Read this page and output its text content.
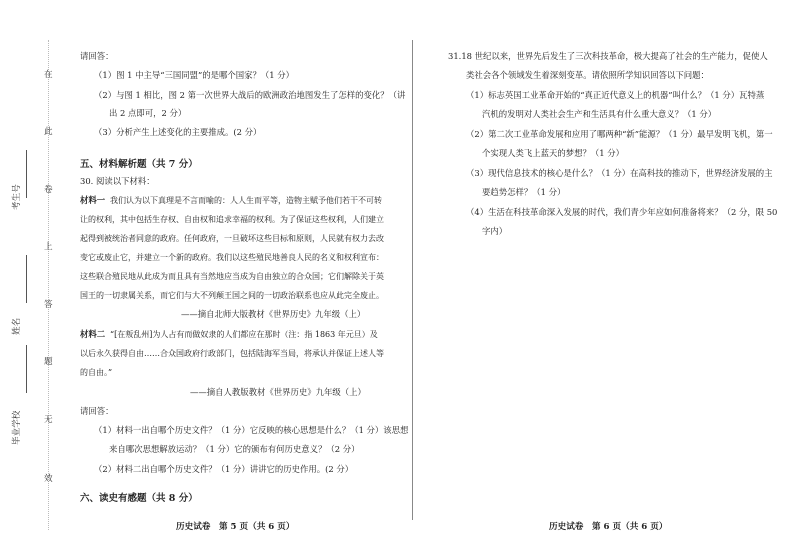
在
此
卷
上
答
题
无
效
考生号
姓名
毕业学校
请回答：
（1）图 1 中主导“三国同盟”的是哪个国家？（1 分）
（2）与图 1 相比，图 2 第一次世界大战后的欧洲政治地图发生了怎样的变化？（讲
出 2 点即可，2 分）
（3）分析产生上述变化的主要推成。(2 分）
五、材料解析题（共 7 分）
30. 阅读以下材料：
材料一 我们认为以下真理是不言而喻的：人人生而平等，造物主赋予他们若干不可转
让的权利，其中包括生存权、自由权和追求幸福的权利。为了保证这些权利，人们建立
起得到被统治者同意的政府。任何政府，一旦破坏这些目标和原则，人民就有权力去改
变它或废止它，并建立一个新的政府。我们以这些殖民地善良人民的名义和权利宣布：
这些联合殖民地从此成为而且具有当然地应当成为自由独立的合众国；它们解除关于英
国王的一切隶属关系，而它们与大不列颠王国之间的一切政治联系也应从此完全废止。
——摘自北师大版教材《世界历史》九年级（上）
材料二 “[在叛乱州]为人占有而做奴隶的人们都应在那时（注：指 1863 年元旦）及
以后永久获得自由……合众国政府行政部门，包括陆海军当局，将承认并保证上述人等
的自由。”
——摘自人教版教材《世界历史》九年级（上）
请回答：
（1）材料一出自哪个历史文件？（1 分）它反映的核心思想是什么？（1 分）该思想
来自哪次思想解放运动？（1 分）它的颁布有何历史意义？（2 分）
（2）材料二出自哪个历史文件？（1 分）讲讲它的历史作用。(2 分）
六、读史有感题（共 8 分）
历史试卷　第 5 页（共 6 页）
31.18 世纪以来，世界先后发生了三次科技革命，极大提高了社会的生产能力，促使人
类社会各个领域发生着深刻变革。请依照所学知识回答以下问题：
（1）标志英国工业革命开始的“真正近代意义上的机器”叫什么？（1 分）瓦特蒸
汽机的发明对人类社会生产和生活具有什么重大意义？（1 分）
（2）第二次工业革命发展和应用了哪两种“新”能源？（1 分）最早发明飞机，第一
个实现人类飞上蓝天的梦想？（1 分）
（3）现代信息技术的核心是什么？（1 分）在高科技的推动下，世界经济发展的主
要趋势怎样？（1 分）
（4）生活在科技革命深入发展的时代，我们青少年应如何准备将来？（2 分，限 50
字内）
历史试卷　第 6 页（共 6 页）
